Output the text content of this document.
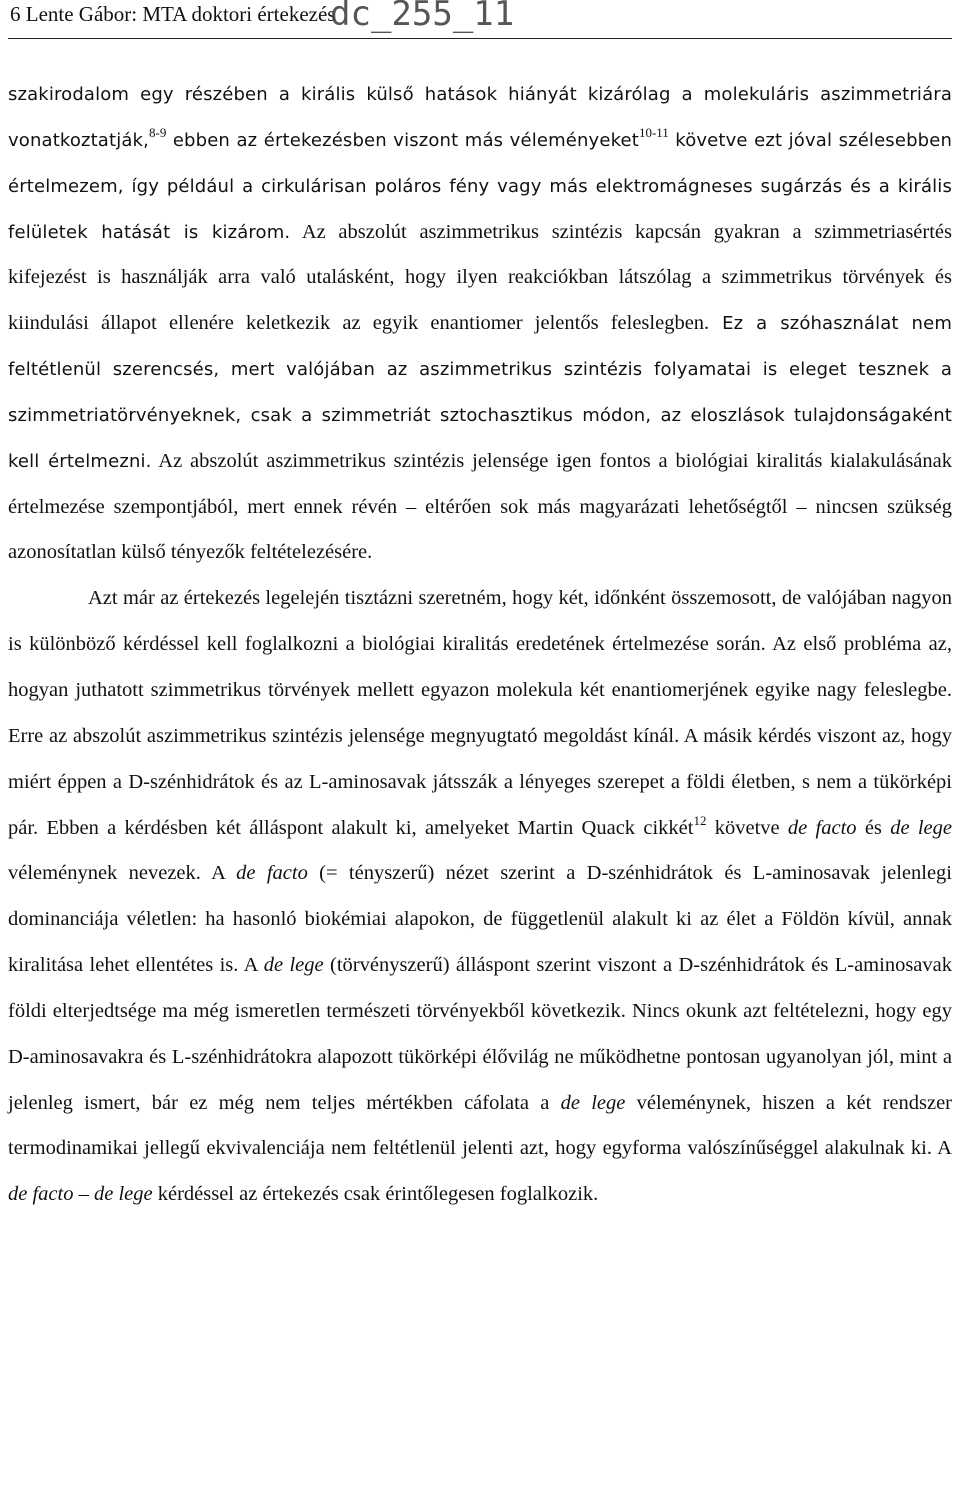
6 Lente Gábor: MTA doktori értekezés
dc_255_11

szakirodalom egy részében a királis külső hatások hiányát kizárólag a molekuláris aszimmetriára vonatkoztatják,$^{8-9}$ ebben az értekezésben viszont más véleményeket$^{10-11}$ követve ezt jóval szélesebben értelmezem, így például a cirkulárisan poláros fény vagy más elektromágneses sugárzás és a királis felületek hatását is kizárom. Az abszolút aszimmetrikus szintézis kapcsán gyakran a szimmetriasértés kifejezést is használják arra való utalásként, hogy ilyen reakciókban látszólag a szimmetrikus törvények és kiindulási állapot ellenére keletkezik az egyik enantiomer jelentős feleslegben. Ez a szóhasználat nem feltétlenül szerencsés, mert valójában az aszimmetrikus szintézis folyamatai is eleget tesznek a szimmetriatörvényeknek, csak a szimmetriát sztochasztikus módon, az eloszlások tulajdonságaként kell értelmezni. Az abszolút aszimmetrikus szintézis jelensége igen fontos a biológiai kiralitás kialakulásának értelmezése szempontjából, mert ennek révén – eltérően sok más magyarázati lehetőségtől – nincsen szükség azonosítatlan külső tényezők feltételezésére.

Azt már az értekezés legelején tisztázni szeretném, hogy két, időnként összemosott, de valójában nagyon is különböző kérdéssel kell foglalkozni a biológiai kiralitás eredetének értelmezése során. Az első probléma az, hogyan juthatott szimmetrikus törvények mellett egyazon molekula két enantiomerjének egyike nagy feleslegbe. Erre az abszolút aszimmetrikus szintézis jelensége megnyugtató megoldást kínál. A másik kérdés viszont az, hogy miért éppen a D-szénhidrátok és az L-aminosavak játsszák a lényeges szerepet a földi életben, s nem a tükörképi pár. Ebben a kérdésben két álláspont alakult ki, amelyeket Martin Quack cikkét$^{12}$ követve de facto és de lege véleménynek nevezek. A de facto (= tényszerű) nézet szerint a D-szénhidrátok és L-aminosavak jelenlegi dominanciája véletlen: ha hasonló biokémiai alapokon, de függetlenül alakult ki az élet a Földön kívül, annak kiralitása lehet ellentétes is. A de lege (törvényszerű) álláspont szerint viszont a D-szénhidrátok és L-aminosavak földi elterjedtsége ma még ismeretlen természeti törvényekből következik. Nincs okunk azt feltételezni, hogy egy D-aminosavakra és L-szénhidrátokra alapozott tükörképi élővilág ne működhetne pontosan ugyanolyan jól, mint a jelenleg ismert, bár ez még nem teljes mértékben cáfolata a de lege véleménynek, hiszen a két rendszer termodinamikai jellegű ekvivalenciája nem feltétlenül jelenti azt, hogy egyforma valószínűséggel alakulnak ki. A de facto – de lege kérdéssel az értekezés csak érintőlegesen foglalkozik.
